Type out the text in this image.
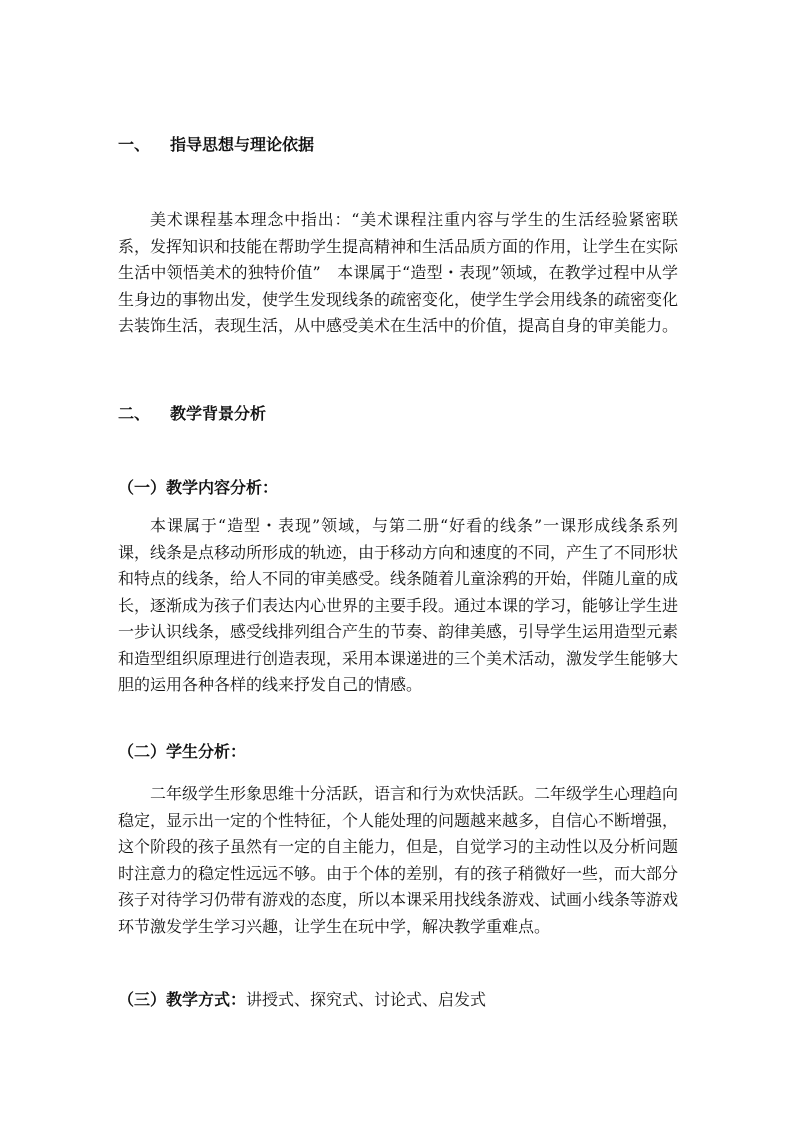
一、 指导思想与理论依据

美术课程基本理念中指出：“美术课程注重内容与学生的生活经验紧密联系，发挥知识和技能在帮助学生提高精神和生活品质方面的作用，让学生在实际生活中领悟美术的独特价值”　本课属于“造型・表现”领域，在教学过程中从学生身边的事物出发，使学生发现线条的疏密变化，使学生学会用线条的疏密变化去装饰生活，表现生活，从中感受美术在生活中的价值，提高自身的审美能力。

二、 教学背景分析
（一）教学内容分析：

本课属于“造型・表现”领域，与第二册“好看的线条”一课形成线条系列课，线条是点移动所形成的轨迹，由于移动方向和速度的不同，产生了不同形状和特点的线条，给人不同的审美感受。线条随着儿童涂鸦的开始，伴随儿童的成长，逐渐成为孩子们表达内心世界的主要手段。通过本课的学习，能够让学生进一步认识线条，感受线排列组合产生的节奏、韵律美感，引导学生运用造型元素和造型组织原理进行创造表现，采用本课递进的三个美术活动，激发学生能够大胆的运用各种各样的线来抒发自己的情感。

（二）学生分析：

二年级学生形象思维十分活跃，语言和行为欢快活跃。二年级学生心理趋向稳定，显示出一定的个性特征，个人能处理的问题越来越多，自信心不断增强，这个阶段的孩子虽然有一定的自主能力，但是，自觉学习的主动性以及分析问题时注意力的稳定性远远不够。由于个体的差别，有的孩子稍微好一些，而大部分孩子对待学习仍带有游戏的态度，所以本课采用找线条游戏、试画小线条等游戏环节激发学生学习兴趣，让学生在玩中学，解决教学重难点。

（三）教学方式：讲授式、探究式、讨论式、启发式
